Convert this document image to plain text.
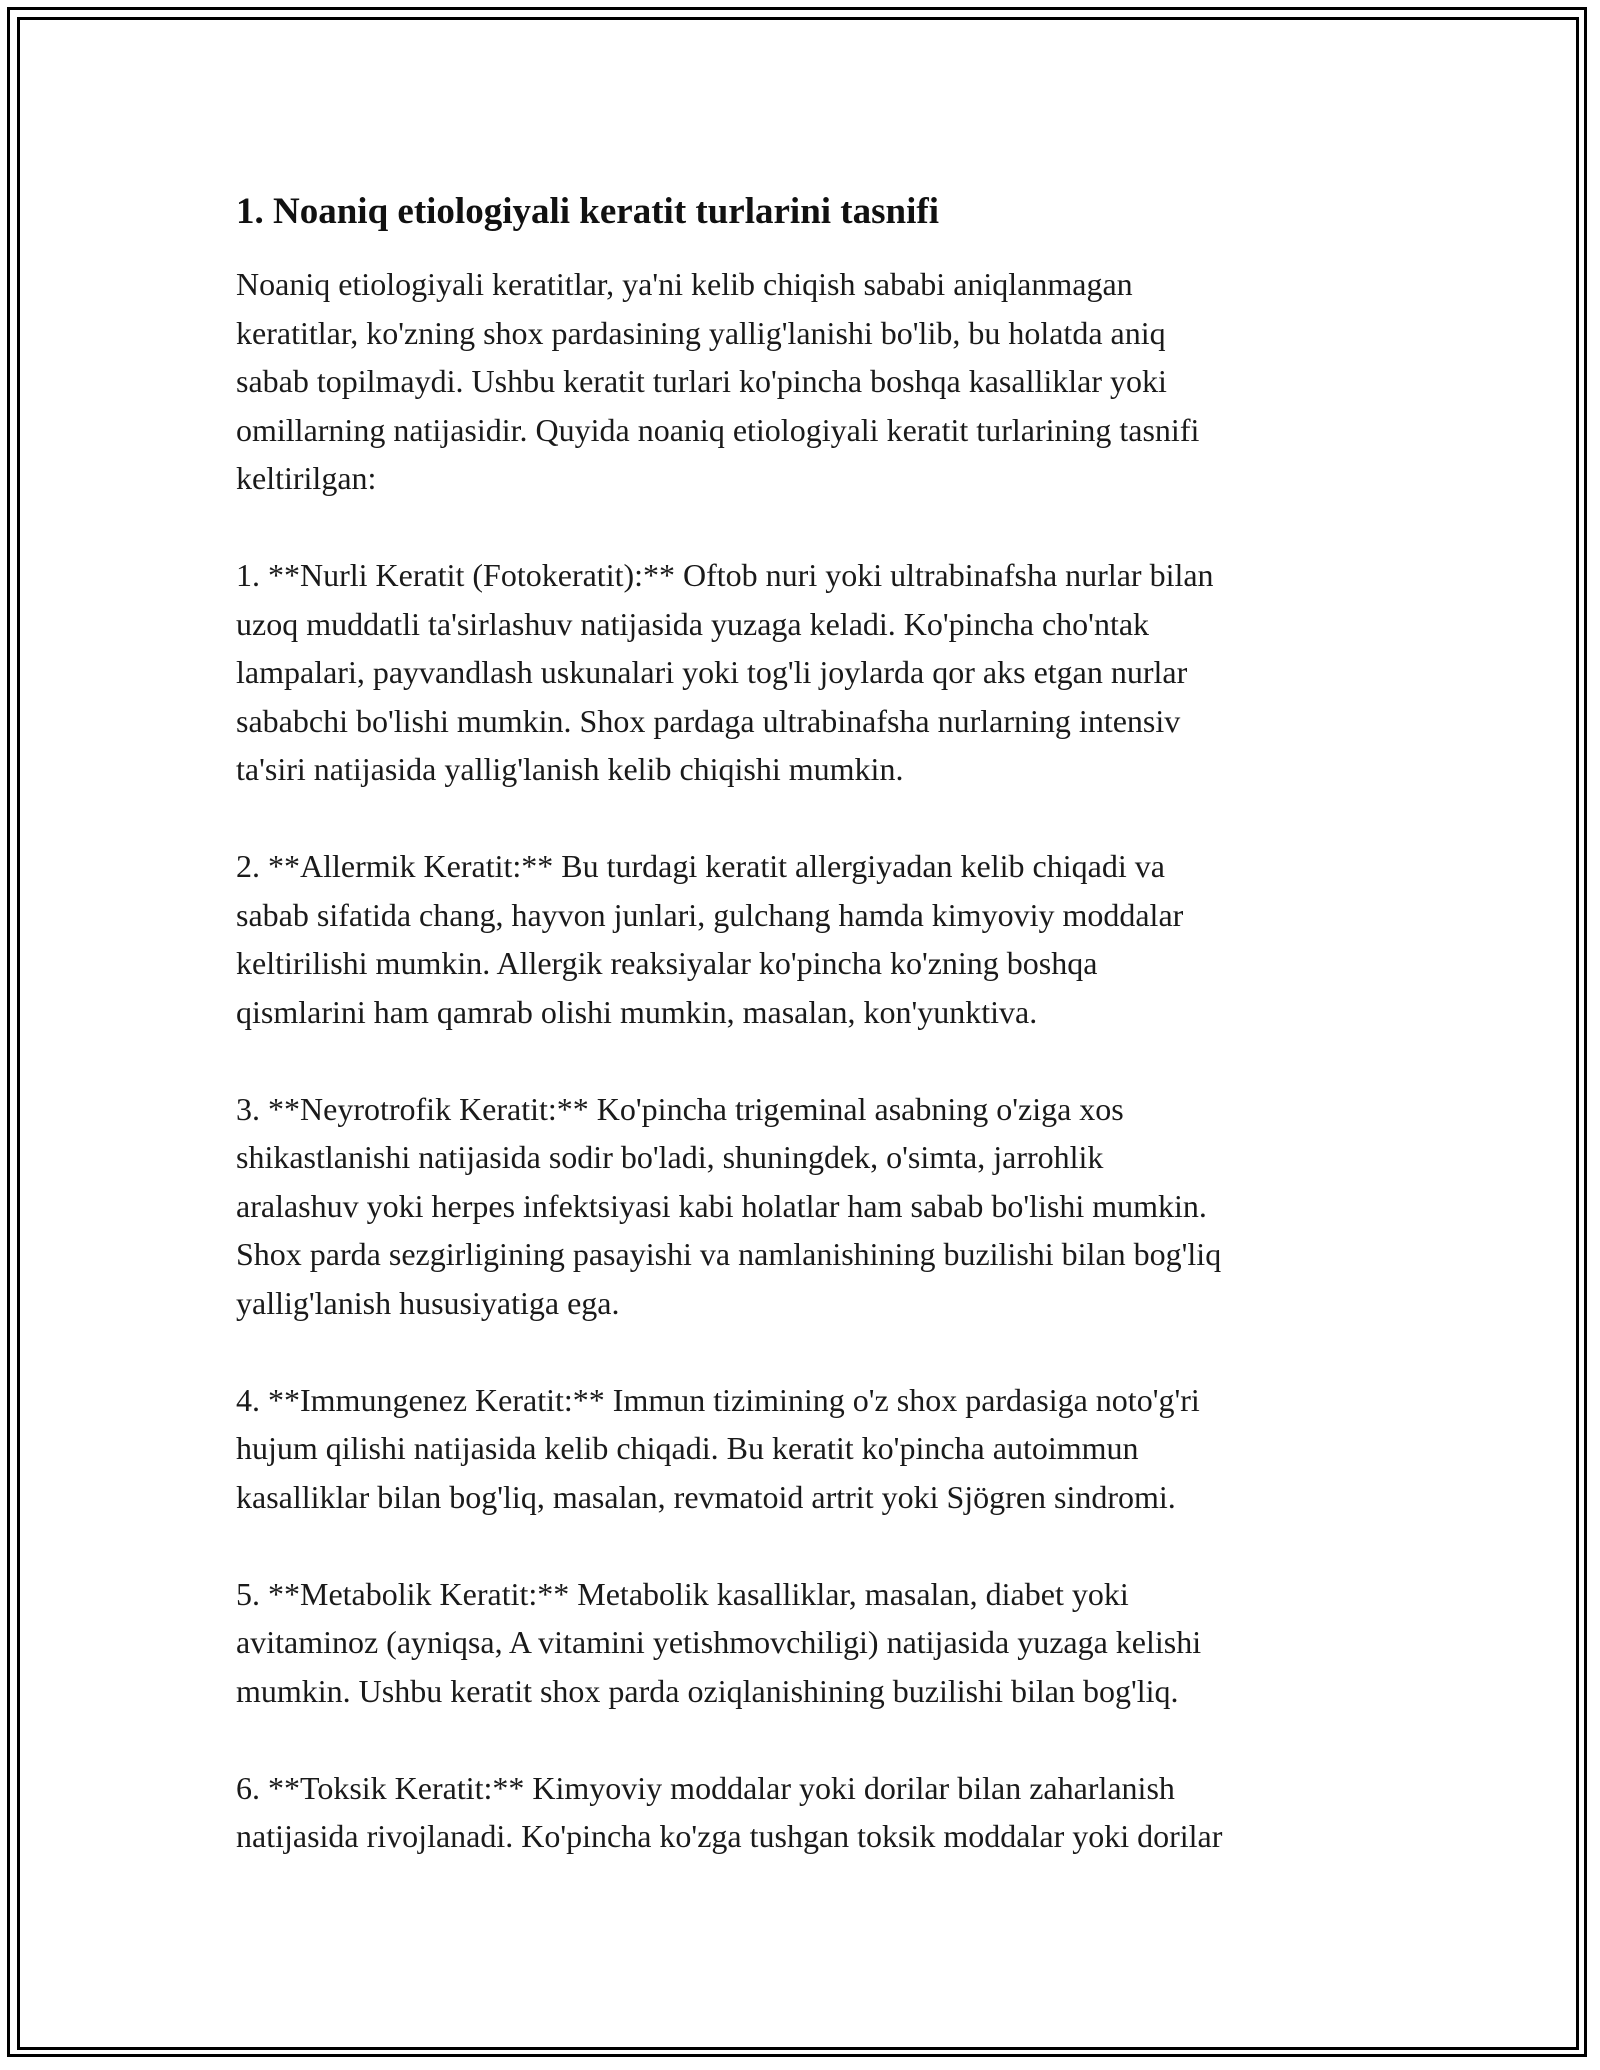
1. Noaniq etiologiyali keratit turlarini tasnifi

Noaniq etiologiyali keratitlar, ya'ni kelib chiqish sababi aniqlanmagan
keratitlar, ko'zning shox pardasining yallig'lanishi bo'lib, bu holatda aniq
sabab topilmaydi. Ushbu keratit turlari ko'pincha boshqa kasalliklar yoki
omillarning natijasidir. Quyida noaniq etiologiyali keratit turlarining tasnifi
keltirilgan:

1. **Nurli Keratit (Fotokeratit):** Oftob nuri yoki ultrabinafsha nurlar bilan
uzoq muddatli ta'sirlashuv natijasida yuzaga keladi. Ko'pincha cho'ntak
lampalari, payvandlash uskunalari yoki tog'li joylarda qor aks etgan nurlar
sababchi bo'lishi mumkin. Shox pardaga ultrabinafsha nurlarning intensiv
ta'siri natijasida yallig'lanish kelib chiqishi mumkin.

2. **Allermik Keratit:** Bu turdagi keratit allergiyadan kelib chiqadi va
sabab sifatida chang, hayvon junlari, gulchang hamda kimyoviy moddalar
keltirilishi mumkin. Allergik reaksiyalar ko'pincha ko'zning boshqa
qismlarini ham qamrab olishi mumkin, masalan, kon'yunktiva.

3. **Neyrotrofik Keratit:** Ko'pincha trigeminal asabning o'ziga xos
shikastlanishi natijasida sodir bo'ladi, shuningdek, o'simta, jarrohlik
aralashuv yoki herpes infektsiyasi kabi holatlar ham sabab bo'lishi mumkin.
Shox parda sezgirligining pasayishi va namlanishining buzilishi bilan bog'liq
yallig'lanish hususiyatiga ega.

4. **Immungenez Keratit:** Immun tizimining o'z shox pardasiga noto'g'ri
hujum qilishi natijasida kelib chiqadi. Bu keratit ko'pincha autoimmun
kasalliklar bilan bog'liq, masalan, revmatoid artrit yoki Sjögren sindromi.

5. **Metabolik Keratit:** Metabolik kasalliklar, masalan, diabet yoki
avitaminoz (ayniqsa, A vitamini yetishmovchiligi) natijasida yuzaga kelishi
mumkin. Ushbu keratit shox parda oziqlanishining buzilishi bilan bog'liq.

6. **Toksik Keratit:** Kimyoviy moddalar yoki dorilar bilan zaharlanish
natijasida rivojlanadi. Ko'pincha ko'zga tushgan toksik moddalar yoki dorilar
